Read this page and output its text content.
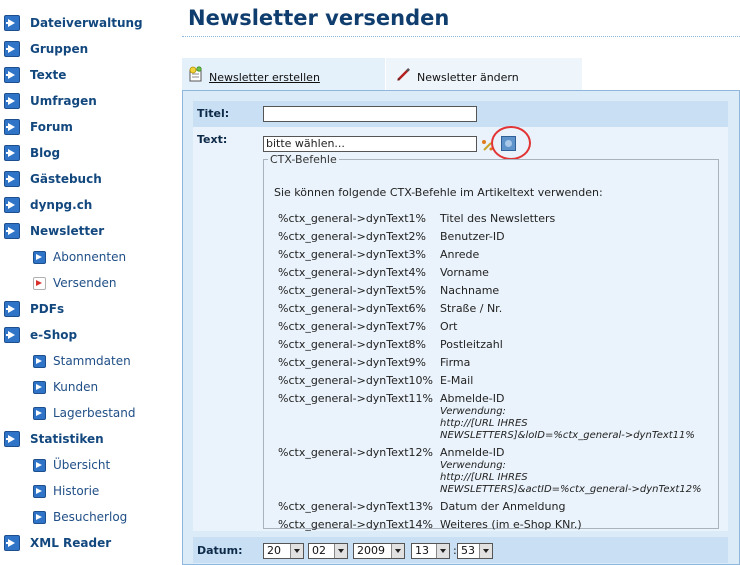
Dateiverwaltung
Gruppen
Texte
Umfragen
Forum
Blog
Gästebuch
dynpg.ch
Newsletter
Abonnenten
Versenden
PDFs
e-Shop
Stammdaten
Kunden
Lagerbestand
Statistiken
Übersicht
Historie
Besucherlog
XML Reader
Newsletter versenden
Newsletter erstellen	Newsletter ändern
Titel:
Text:	bitte wählen...
CTX-Befehle
Sie können folgende CTX-Befehle im Artikeltext verwenden:
%ctx_general->dynText1% Titel des Newsletters
%ctx_general->dynText2% Benutzer-ID
%ctx_general->dynText3% Anrede
%ctx_general->dynText4% Vorname
%ctx_general->dynText5% Nachname
%ctx_general->dynText6% Straße / Nr.
%ctx_general->dynText7% Ort
%ctx_general->dynText8% Postleitzahl
%ctx_general->dynText9% Firma
%ctx_general->dynText10% E-Mail
%ctx_general->dynText11% Abmelde-ID
Verwendung:
http://[URL IHRES
NEWSLETTERS]&loID=%ctx_general->dynText11%
%ctx_general->dynText12% Anmelde-ID
Verwendung:
http://[URL IHRES
NEWSLETTERS]&actID=%ctx_general->dynText12%
%ctx_general->dynText13% Datum der Anmeldung
%ctx_general->dynText14% Weiteres (im e-Shop KNr.)
Datum:	20	02	2009	13	: 53
